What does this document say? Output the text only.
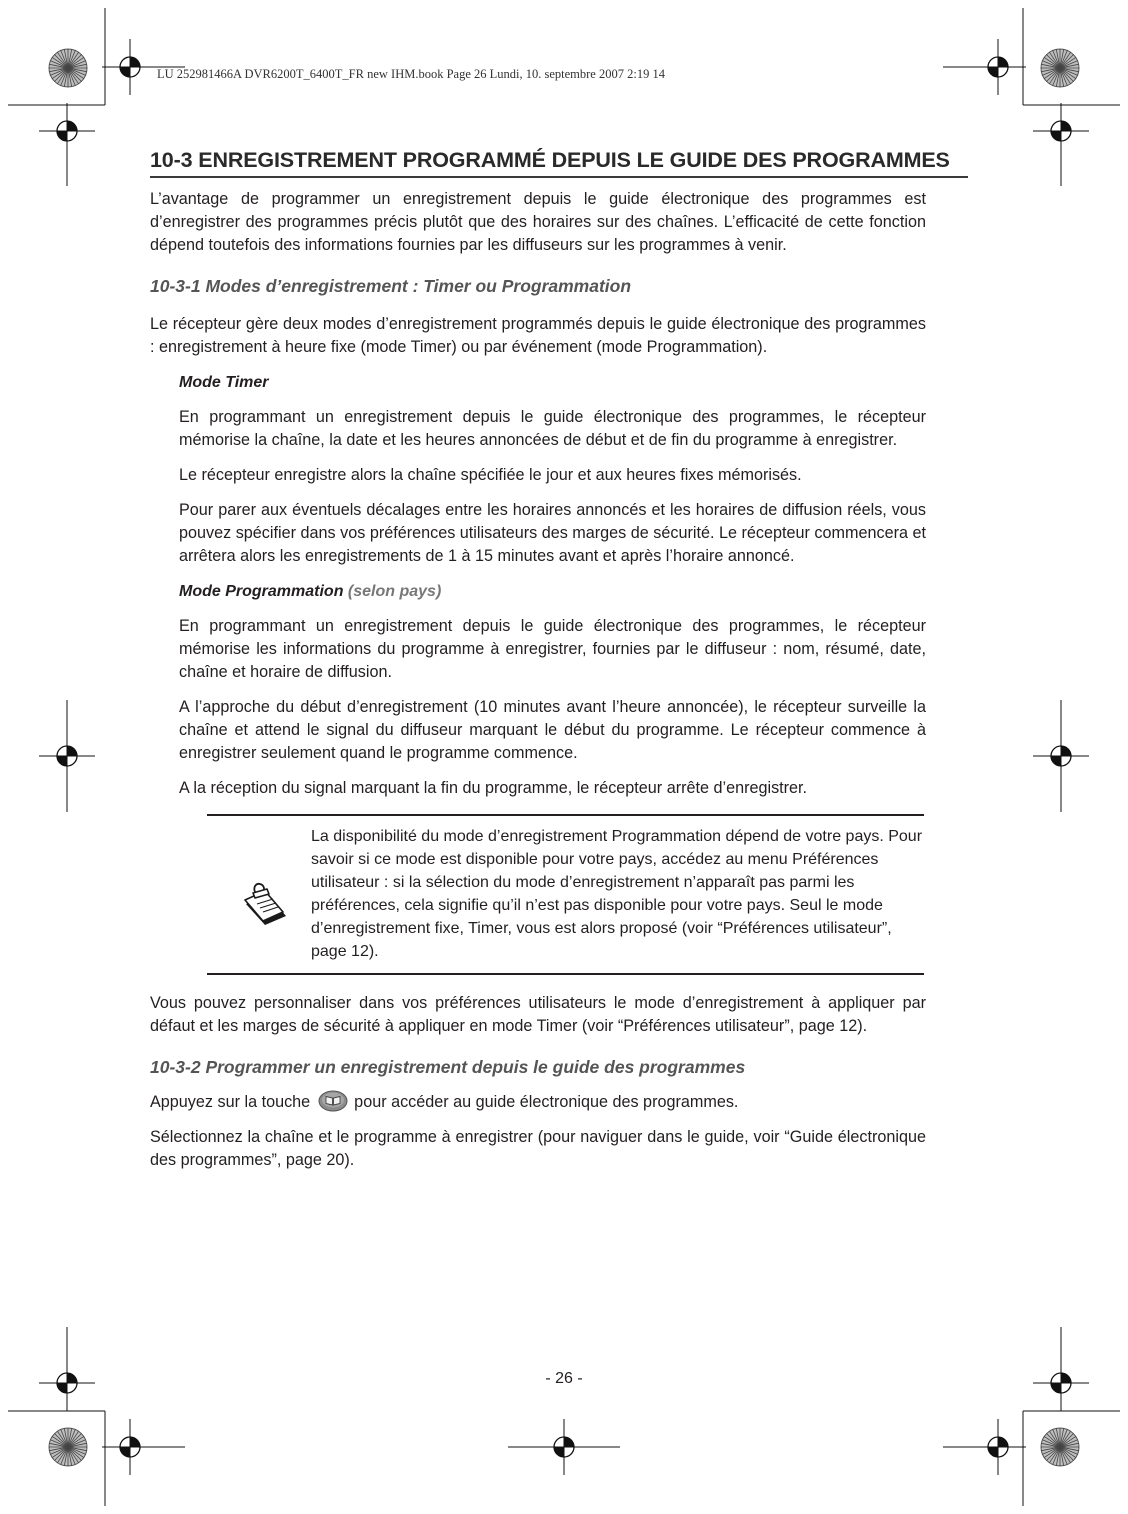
LU 252981466A DVR6200T_6400T_FR new IHM.book Page 26 Lundi, 10. septembre 2007 2:19 14
10-3 ENREGISTREMENT PROGRAMMÉ DEPUIS LE GUIDE DES PROGRAMMES

L’avantage de programmer un enregistrement depuis le guide électronique des programmes est d’enregistrer des programmes précis plutôt que des horaires sur des chaînes. L’efficacité de cette fonction dépend toutefois des informations fournies par les diffuseurs sur les programmes à venir.

10-3-1 Modes d’enregistrement : Timer ou Programmation

Le récepteur gère deux modes d’enregistrement programmés depuis le guide électronique des programmes : enregistrement à heure fixe (mode Timer) ou par événement (mode Programmation).

Mode Timer

En programmant un enregistrement depuis le guide électronique des programmes, le récepteur mémorise la chaîne, la date et les heures annoncées de début et de fin du programme à enregistrer.

Le récepteur enregistre alors la chaîne spécifiée le jour et aux heures fixes mémorisés.

Pour parer aux éventuels décalages entre les horaires annoncés et les horaires de diffusion réels, vous pouvez spécifier dans vos préférences utilisateurs des marges de sécurité. Le récepteur commencera et arrêtera alors les enregistrements de 1 à 15 minutes avant et après l’horaire annoncé.

Mode Programmation (selon pays)

En programmant un enregistrement depuis le guide électronique des programmes, le récepteur mémorise les informations du programme à enregistrer, fournies par le diffuseur : nom, résumé, date, chaîne et horaire de diffusion.

A l’approche du début d’enregistrement (10 minutes avant l’heure annoncée), le récepteur surveille la chaîne et attend le signal du diffuseur marquant le début du programme. Le récepteur commence à enregistrer seulement quand le programme commence.

A la réception du signal marquant la fin du programme, le récepteur arrête d’enregistrer.

La disponibilité du mode d’enregistrement Programmation dépend de votre pays. Pour savoir si ce mode est disponible pour votre pays, accédez au menu Préférences utilisateur : si la sélection du mode d’enregistrement n’apparaît pas parmi les préférences, cela signifie qu’il n’est pas disponible pour votre pays. Seul le mode d’enregistrement fixe, Timer, vous est alors proposé (voir “Préférences utilisateur”, page 12).

Vous pouvez personnaliser dans vos préférences utilisateurs le mode d’enregistrement à appliquer par défaut et les marges de sécurité à appliquer en mode Timer (voir “Préférences utilisateur”, page 12).

10-3-2 Programmer un enregistrement depuis le guide des programmes

Appuyez sur la touche  pour accéder au guide électronique des programmes.

Sélectionnez la chaîne et le programme à enregistrer (pour naviguer dans le guide, voir “Guide électronique des programmes”, page 20).

- 26 -
